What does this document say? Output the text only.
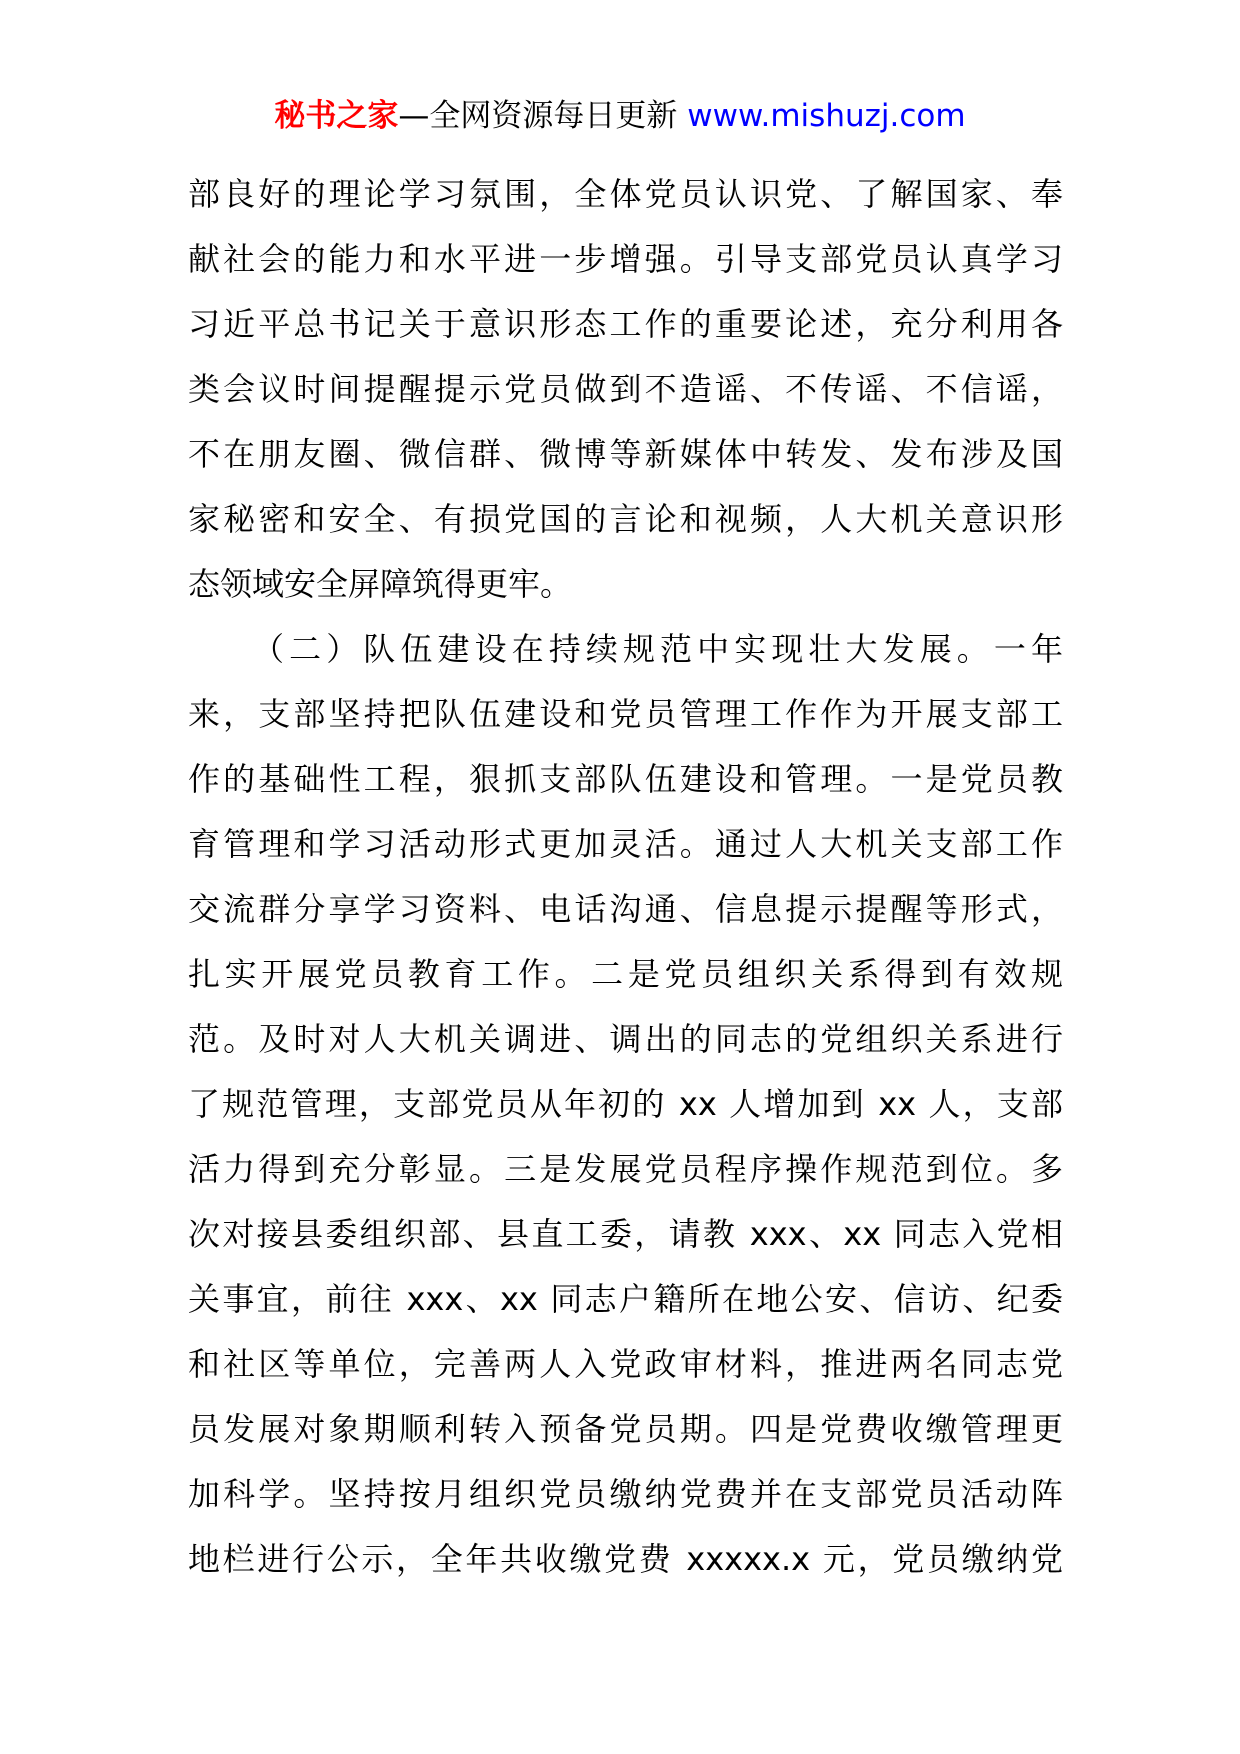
秘书之家—全网资源每日更新 www.mishuzj.com
部良好的理论学习氛围，全体党员认识党、了解国家、奉
献社会的能力和水平进一步增强。引导支部党员认真学习
习近平总书记关于意识形态工作的重要论述，充分利用各
类会议时间提醒提示党员做到不造谣、不传谣、不信谣，
不在朋友圈、微信群、微博等新媒体中转发、发布涉及国
家秘密和安全、有损党国的言论和视频，人大机关意识形
态领域安全屏障筑得更牢。
（二）队伍建设在持续规范中实现壮大发展。一年
来，支部坚持把队伍建设和党员管理工作作为开展支部工
作的基础性工程，狠抓支部队伍建设和管理。一是党员教
育管理和学习活动形式更加灵活。通过人大机关支部工作
交流群分享学习资料、电话沟通、信息提示提醒等形式，
扎实开展党员教育工作。二是党员组织关系得到有效规
范。及时对人大机关调进、调出的同志的党组织关系进行
了规范管理，支部党员从年初的 xx 人增加到 xx 人，支部
活力得到充分彰显。三是发展党员程序操作规范到位。多
次对接县委组织部、县直工委，请教 xxx、xx 同志入党相
关事宜，前往 xxx、xx 同志户籍所在地公安、信访、纪委
和社区等单位，完善两人入党政审材料，推进两名同志党
员发展对象期顺利转入预备党员期。四是党费收缴管理更
加科学。坚持按月组织党员缴纳党费并在支部党员活动阵
地栏进行公示，全年共收缴党费 xxxxx.x 元，党员缴纳党
